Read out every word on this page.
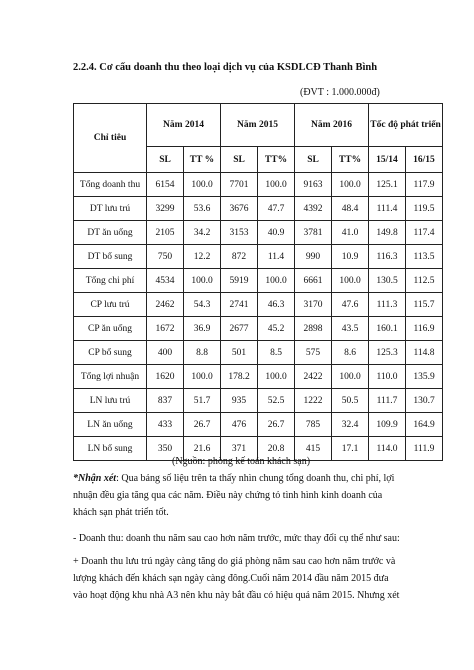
2.2.4. Cơ cấu doanh thu theo loại dịch vụ của KSDLCĐ Thanh Bình
(ĐVT : 1.000.000đ)
Chỉ tiêu	Năm 2014		Năm 2015		Năm 2016		Tốc độ phát triển	
	SL	TT %	SL	TT%	SL	TT%	15/14	16/15
Tổng doanh thu	6154	100.0	7701	100.0	9163	100.0	125.1	117.9
DT lưu trú	3299	53.6	3676	47.7	4392	48.4	111.4	119.5
DT ăn uống	2105	34.2	3153	40.9	3781	41.0	149.8	117.4
DT bổ sung	750	12.2	872	11.4	990	10.9	116.3	113.5
Tổng chi phí	4534	100.0	5919	100.0	6661	100.0	130.5	112.5
CP lưu trú	2462	54.3	2741	46.3	3170	47.6	111.3	115.7
CP ăn uống	1672	36.9	2677	45.2	2898	43.5	160.1	116.9
CP bổ sung	400	8.8	501	8.5	575	8.6	125.3	114.8
Tổng lợi nhuận	1620	100.0	178.2	100.0	2422	100.0	110.0	135.9
LN lưu trú	837	51.7	935	52.5	1222	50.5	111.7	130.7
LN ăn uống	433	26.7	476	26.7	785	32.4	109.9	164.9
LN bổ sung	350	21.6	371	20.8	415	17.1	114.0	111.9
(Nguồn: phòng kế toán khách sạn)
*Nhận xét: Qua bảng số liệu trên ta thấy nhìn chung tổng doanh thu, chi phí, lợi
nhuận đều gia tăng qua các năm. Điều này chứng tỏ tình hình kinh doanh của
khách sạn phát triển tốt.
- Doanh thu: doanh thu năm sau cao hơn năm trước, mức thay đổi cụ thể như sau:
+ Doanh thu lưu trú ngày càng tăng do giá phòng năm sau cao hơn năm trước và
lượng khách đến khách sạn ngày càng đông.Cuối năm 2014 đầu năm 2015 đưa
vào hoạt động khu nhà A3 nên khu này bắt đầu có hiệu quả năm 2015. Nhưng xét
